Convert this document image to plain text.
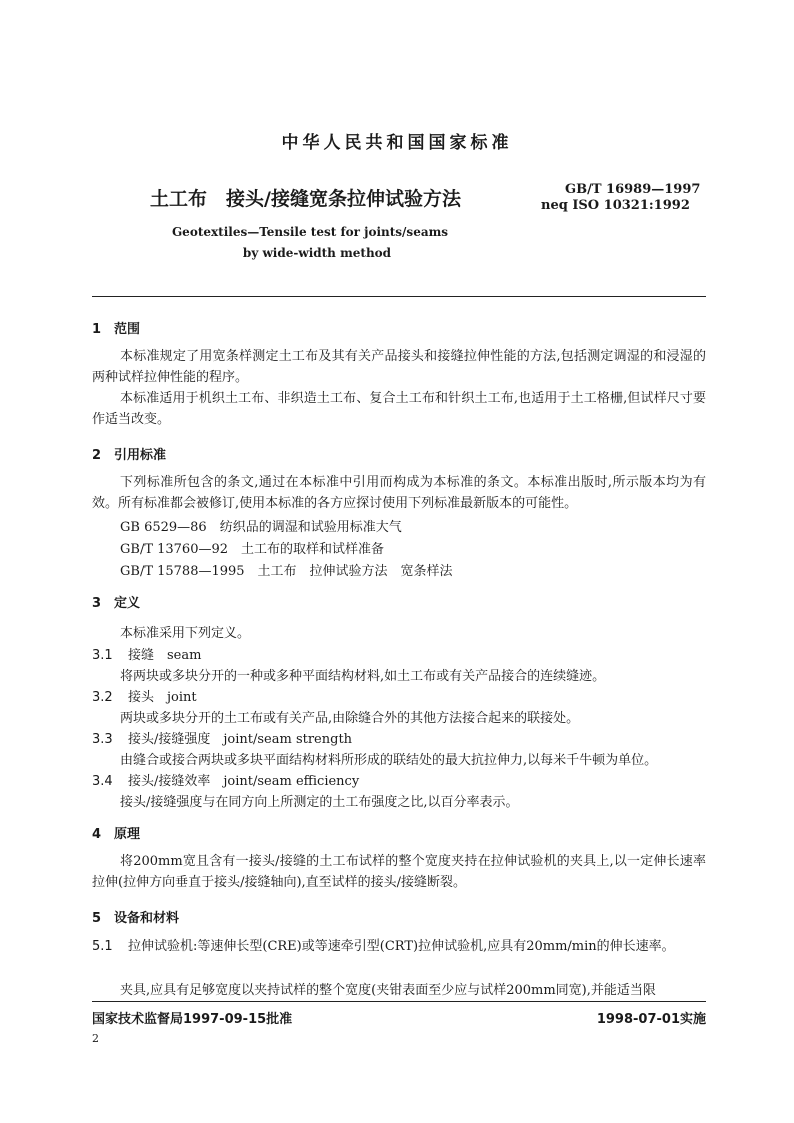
中华人民共和国国家标准
土工布　接头/接缝宽条拉伸试验方法	GB/T 16989—1997
neq ISO 10321:1992
Geotextiles—Tensile test for joints/seams
by wide-width method
1 范围
本标准规定了用宽条样测定土工布及其有关产品接头和接缝拉伸性能的方法,包括测定调湿的和浸湿的两种试样拉伸性能的程序。
本标准适用于机织土工布、非织造土工布、复合土工布和针织土工布,也适用于土工格栅,但试样尺寸要作适当改变。
2 引用标准
下列标准所包含的条文,通过在本标准中引用而构成为本标准的条文。本标准出版时,所示版本均为有效。所有标准都会被修订,使用本标准的各方应探讨使用下列标准最新版本的可能性。
GB 6529—86　纺织品的调湿和试验用标准大气
GB/T 13760—92　土工布的取样和试样准备
GB/T 15788—1995　土工布　拉伸试验方法　宽条样法
3 定义
本标准采用下列定义。
3.1 接缝　seam
将两块或多块分开的一种或多种平面结构材料,如土工布或有关产品接合的连续缝迹。
3.2 接头　joint
两块或多块分开的土工布或有关产品,由除缝合外的其他方法接合起来的联接处。
3.3 接头/接缝强度　joint/seam strength
由缝合或接合两块或多块平面结构材料所形成的联结处的最大抗拉伸力,以每米千牛顿为单位。
3.4 接头/接缝效率　joint/seam efficiency
接头/接缝强度与在同方向上所测定的土工布强度之比,以百分率表示。
4 原理
将200mm宽且含有一接头/接缝的土工布试样的整个宽度夹持在拉伸试验机的夹具上,以一定伸长速率拉伸(拉伸方向垂直于接头/接缝轴向),直至试样的接头/接缝断裂。
5 设备和材料
5.1 拉伸试验机:等速伸长型(CRE)或等速牵引型(CRT)拉伸试验机,应具有20mm/min的伸长速率。
夹具,应具有足够宽度以夹持试样的整个宽度(夹钳表面至少应与试样200mm同宽),并能适当限
国家技术监督局1997-09-15批准	1998-07-01实施
2
